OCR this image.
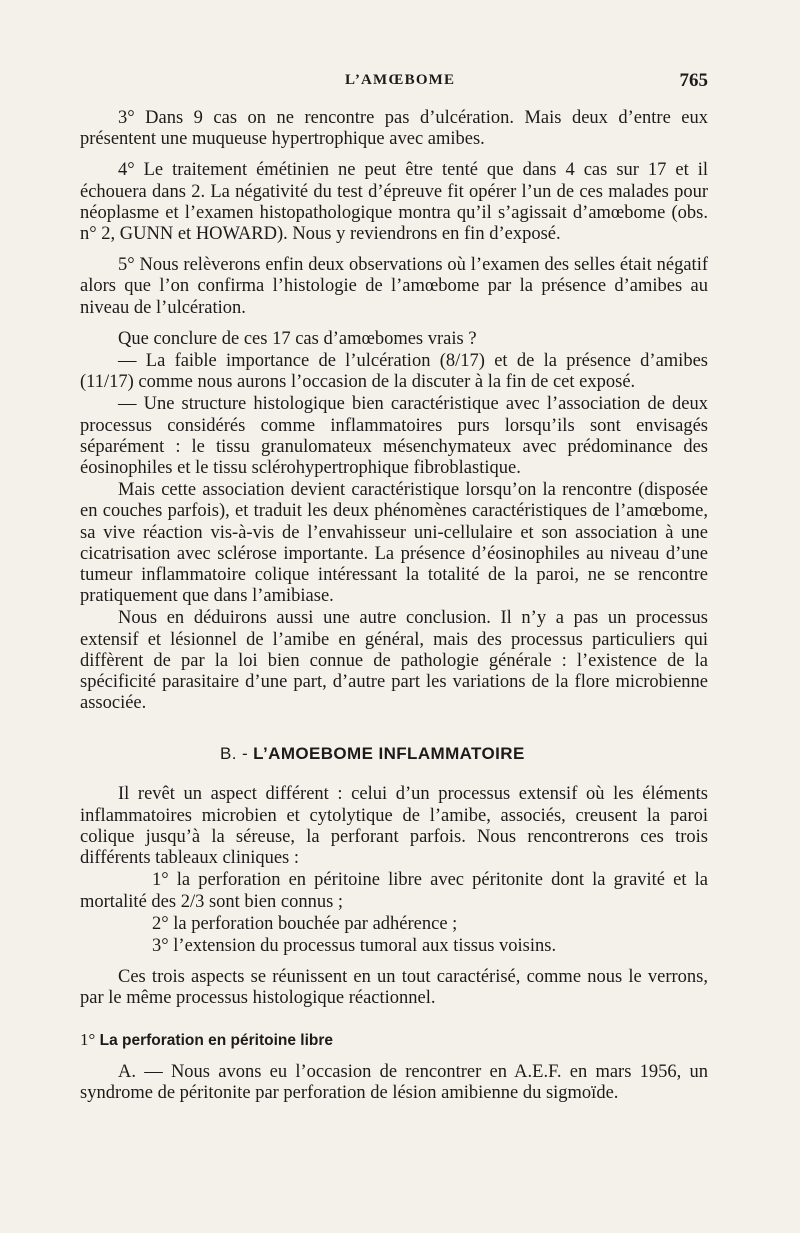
L’AMŒBOME	765

3° Dans 9 cas on ne rencontre pas d’ulcération. Mais deux d’entre eux présentent une muqueuse hypertrophique avec amibes.

4° Le traitement émétinien ne peut être tenté que dans 4 cas sur 17 et il échouera dans 2. La négativité du test d’épreuve fit opérer l’un de ces malades pour néoplasme et l’examen histopathologique montra qu’il s’agissait d’amœbome (obs. n° 2, GUNN et HOWARD). Nous y reviendrons en fin d’exposé.

5° Nous relèverons enfin deux observations où l’examen des selles était négatif alors que l’on confirma l’histologie de l’amœbome par la présence d’amibes au niveau de l’ulcération.

Que conclure de ces 17 cas d’amœbomes vrais ?

— La faible importance de l’ulcération (8/17) et de la présence d’amibes (11/17) comme nous aurons l’occasion de la discuter à la fin de cet exposé.

— Une structure histologique bien caractéristique avec l’association de deux processus considérés comme inflammatoires purs lorsqu’ils sont envisagés séparément : le tissu granulomateux mésenchymateux avec prédominance des éosinophiles et le tissu sclérohypertrophique fibroblastique.

Mais cette association devient caractéristique lorsqu’on la rencontre (disposée en couches parfois), et traduit les deux phénomènes caractéristiques de l’amœbome, sa vive réaction vis-à-vis de l’envahisseur uni-cellulaire et son association à une cicatrisation avec sclérose importante. La présence d’éosinophiles au niveau d’une tumeur inflammatoire colique intéressant la totalité de la paroi, ne se rencontre pratiquement que dans l’amibiase.

Nous en déduirons aussi une autre conclusion. Il n’y a pas un processus extensif et lésionnel de l’amibe en général, mais des processus particuliers qui diffèrent de par la loi bien connue de pathologie générale : l’existence de la spécificité parasitaire d’une part, d’autre part les variations de la flore microbienne associée.

B. - L’AMOEBOME INFLAMMATOIRE

Il revêt un aspect différent : celui d’un processus extensif où les éléments inflammatoires microbien et cytolytique de l’amibe, associés, creusent la paroi colique jusqu’à la séreuse, la perforant parfois. Nous rencontrerons ces trois différents tableaux cliniques :

1° la perforation en péritoine libre avec péritonite dont la gravité et la mortalité des 2/3 sont bien connus ;

2° la perforation bouchée par adhérence ;

3° l’extension du processus tumoral aux tissus voisins.

Ces trois aspects se réunissent en un tout caractérisé, comme nous le verrons, par le même processus histologique réactionnel.

1° La perforation en péritoine libre

A. — Nous avons eu l’occasion de rencontrer en A.E.F. en mars 1956, un syndrome de péritonite par perforation de lésion amibienne du sigmoïde.
